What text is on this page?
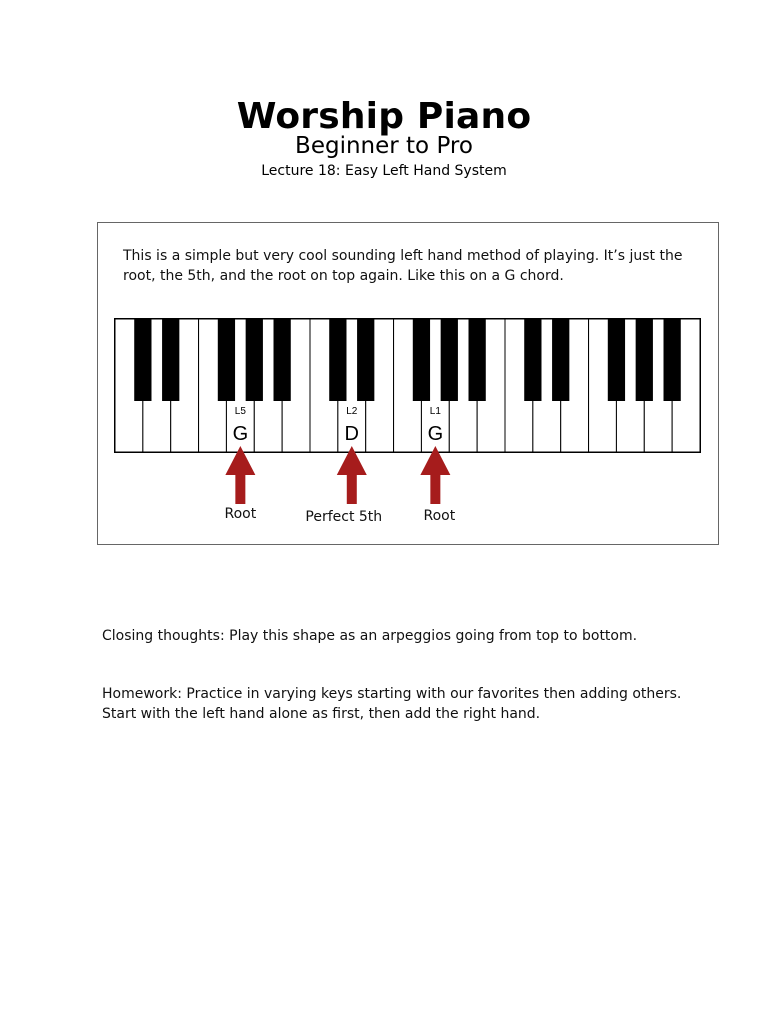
Worship Piano
Beginner to Pro
Lecture 18: Easy Left Hand System
This is a simple but very cool sounding left hand method of playing. It’s just the root, the 5th, and the root on top again. Like this on a G chord.
L5
G
L2
D
L1
G
Root	Perfect 5th	Root
Closing thoughts: Play this shape as an arpeggios going from top to bottom.
Homework: Practice in varying keys starting with our favorites then adding others. Start with the left hand alone as first, then add the right hand.
